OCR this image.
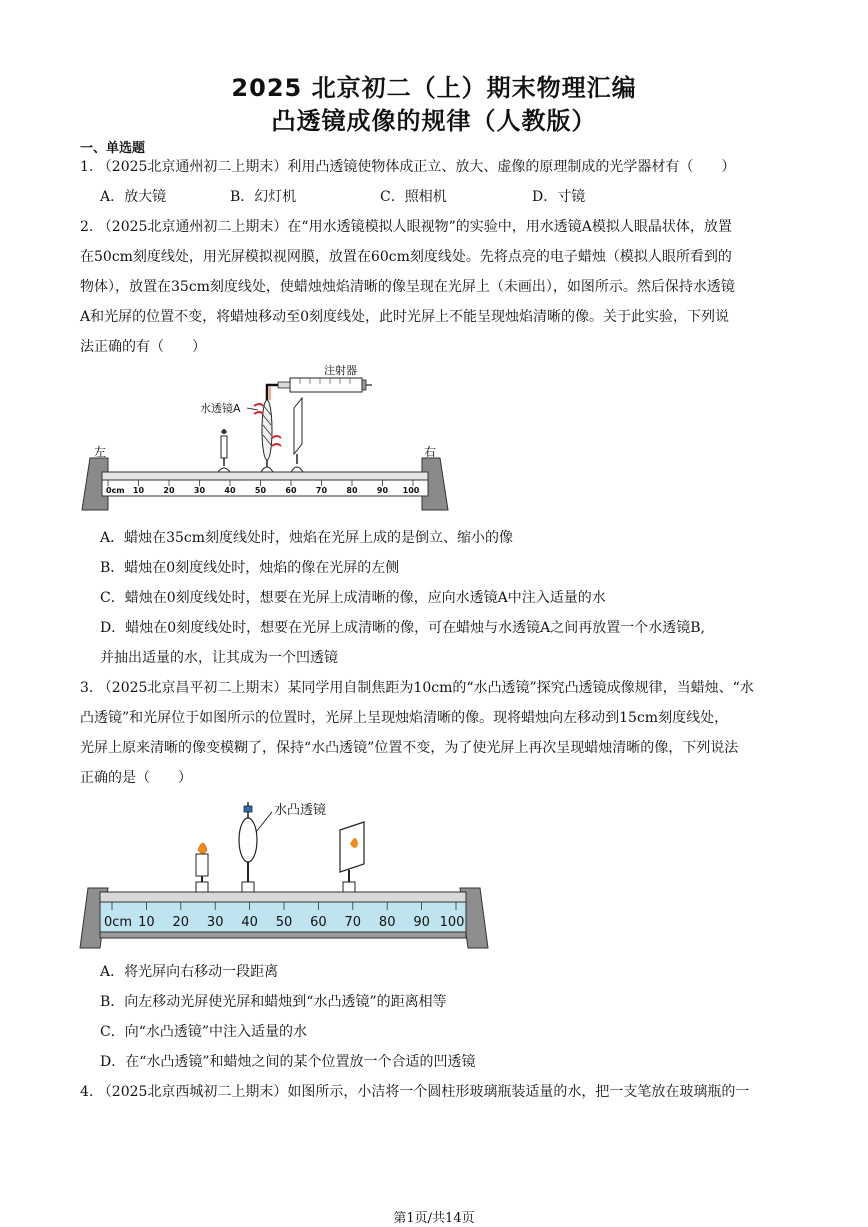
2025 北京初二（上）期末物理汇编
凸透镜成像的规律（人教版）
一、单选题
1. （2025北京通州初二上期末）利用凸透镜使物体成正立、放大、虚像的原理制成的光学器材有（　　）
A．放大镜	B．幻灯机	C．照相机	D．寸镜
2. （2025北京通州初二上期末）在“用水透镜模拟人眼视物”的实验中，用水透镜A模拟人眼晶状体，放置
在50cm刻度线处，用光屏模拟视网膜，放置在60cm刻度线处。先将点亮的电子蜡烛（模拟人眼所看到的
物体），放置在35cm刻度线处，使蜡烛烛焰清晰的像呈现在光屏上（未画出），如图所示。然后保持水透镜
A和光屏的位置不变，将蜡烛移动至0刻度线处，此时光屏上不能呈现烛焰清晰的像。关于此实验，下列说
法正确的有（　　）
注射器
水透镜A
左	右
0cm 10 20 30 40 50 60 70 80 90 100
A．蜡烛在35cm刻度线处时，烛焰在光屏上成的是倒立、缩小的像
B．蜡烛在0刻度线处时，烛焰的像在光屏的左侧
C．蜡烛在0刻度线处时，想要在光屏上成清晰的像，应向水透镜A中注入适量的水
D．蜡烛在0刻度线处时，想要在光屏上成清晰的像，可在蜡烛与水透镜A之间再放置一个水透镜B,
并抽出适量的水，让其成为一个凹透镜
3. （2025北京昌平初二上期末）某同学用自制焦距为10cm的“水凸透镜”探究凸透镜成像规律，当蜡烛、“水
凸透镜”和光屏位于如图所示的位置时，光屏上呈现烛焰清晰的像。现将蜡烛向左移动到15cm刻度线处，
光屏上原来清晰的像变模糊了，保持“水凸透镜”位置不变，为了使光屏上再次呈现蜡烛清晰的像，下列说法
正确的是（　　）
水凸透镜
0cm 10 20 30 40 50 60 70 80 90 100
A．将光屏向右移动一段距离
B．向左移动光屏使光屏和蜡烛到“水凸透镜”的距离相等
C．向“水凸透镜”中注入适量的水
D．在“水凸透镜”和蜡烛之间的某个位置放一个合适的凹透镜
4. （2025北京西城初二上期末）如图所示，小洁将一个圆柱形玻璃瓶装适量的水，把一支笔放在玻璃瓶的一
第1页/共14页
